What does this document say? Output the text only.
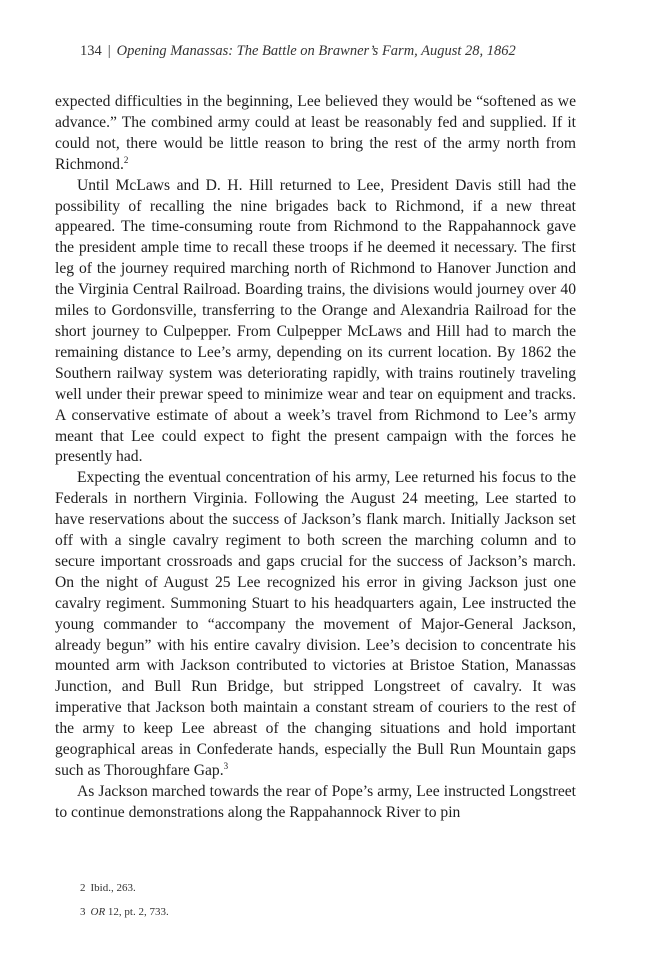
134 | Opening Manassas: The Battle on Brawner’s Farm, August 28, 1862

expected difficulties in the beginning, Lee believed they would be “softened as we advance.” The combined army could at least be reasonably fed and supplied. If it could not, there would be little reason to bring the rest of the army north from Richmond.$^2$

Until McLaws and D. H. Hill returned to Lee, President Davis still had the possibility of recalling the nine brigades back to Richmond, if a new threat appeared. The time-consuming route from Richmond to the Rappahannock gave the president ample time to recall these troops if he deemed it necessary. The first leg of the journey required marching north of Richmond to Hanover Junction and the Virginia Central Railroad. Boarding trains, the divisions would journey over 40 miles to Gordonsville, transferring to the Orange and Alexandria Railroad for the short journey to Culpepper. From Culpepper McLaws and Hill had to march the remaining distance to Lee’s army, depending on its current location. By 1862 the Southern railway system was deteriorating rapidly, with trains routinely traveling well under their prewar speed to minimize wear and tear on equipment and tracks. A conservative estimate of about a week’s travel from Richmond to Lee’s army meant that Lee could expect to fight the present campaign with the forces he presently had.

Expecting the eventual concentration of his army, Lee returned his focus to the Federals in northern Virginia. Following the August 24 meeting, Lee started to have reservations about the success of Jackson’s flank march. Initially Jackson set off with a single cavalry regiment to both screen the marching column and to secure important crossroads and gaps crucial for the success of Jackson’s march. On the night of August 25 Lee recognized his error in giving Jackson just one cavalry regiment. Summoning Stuart to his headquarters again, Lee instructed the young commander to “accompany the movement of Major-General Jackson, already begun” with his entire cavalry division. Lee’s decision to concentrate his mounted arm with Jackson contributed to victories at Bristoe Station, Manassas Junction, and Bull Run Bridge, but stripped Longstreet of cavalry. It was imperative that Jackson both maintain a constant stream of couriers to the rest of the army to keep Lee abreast of the changing situations and hold important geographical areas in Confederate hands, especially the Bull Run Mountain gaps such as Thoroughfare Gap.$^3$

As Jackson marched towards the rear of Pope’s army, Lee instructed Longstreet to continue demonstrations along the Rappahannock River to pin

2 Ibid., 263.
3 OR 12, pt. 2, 733.
